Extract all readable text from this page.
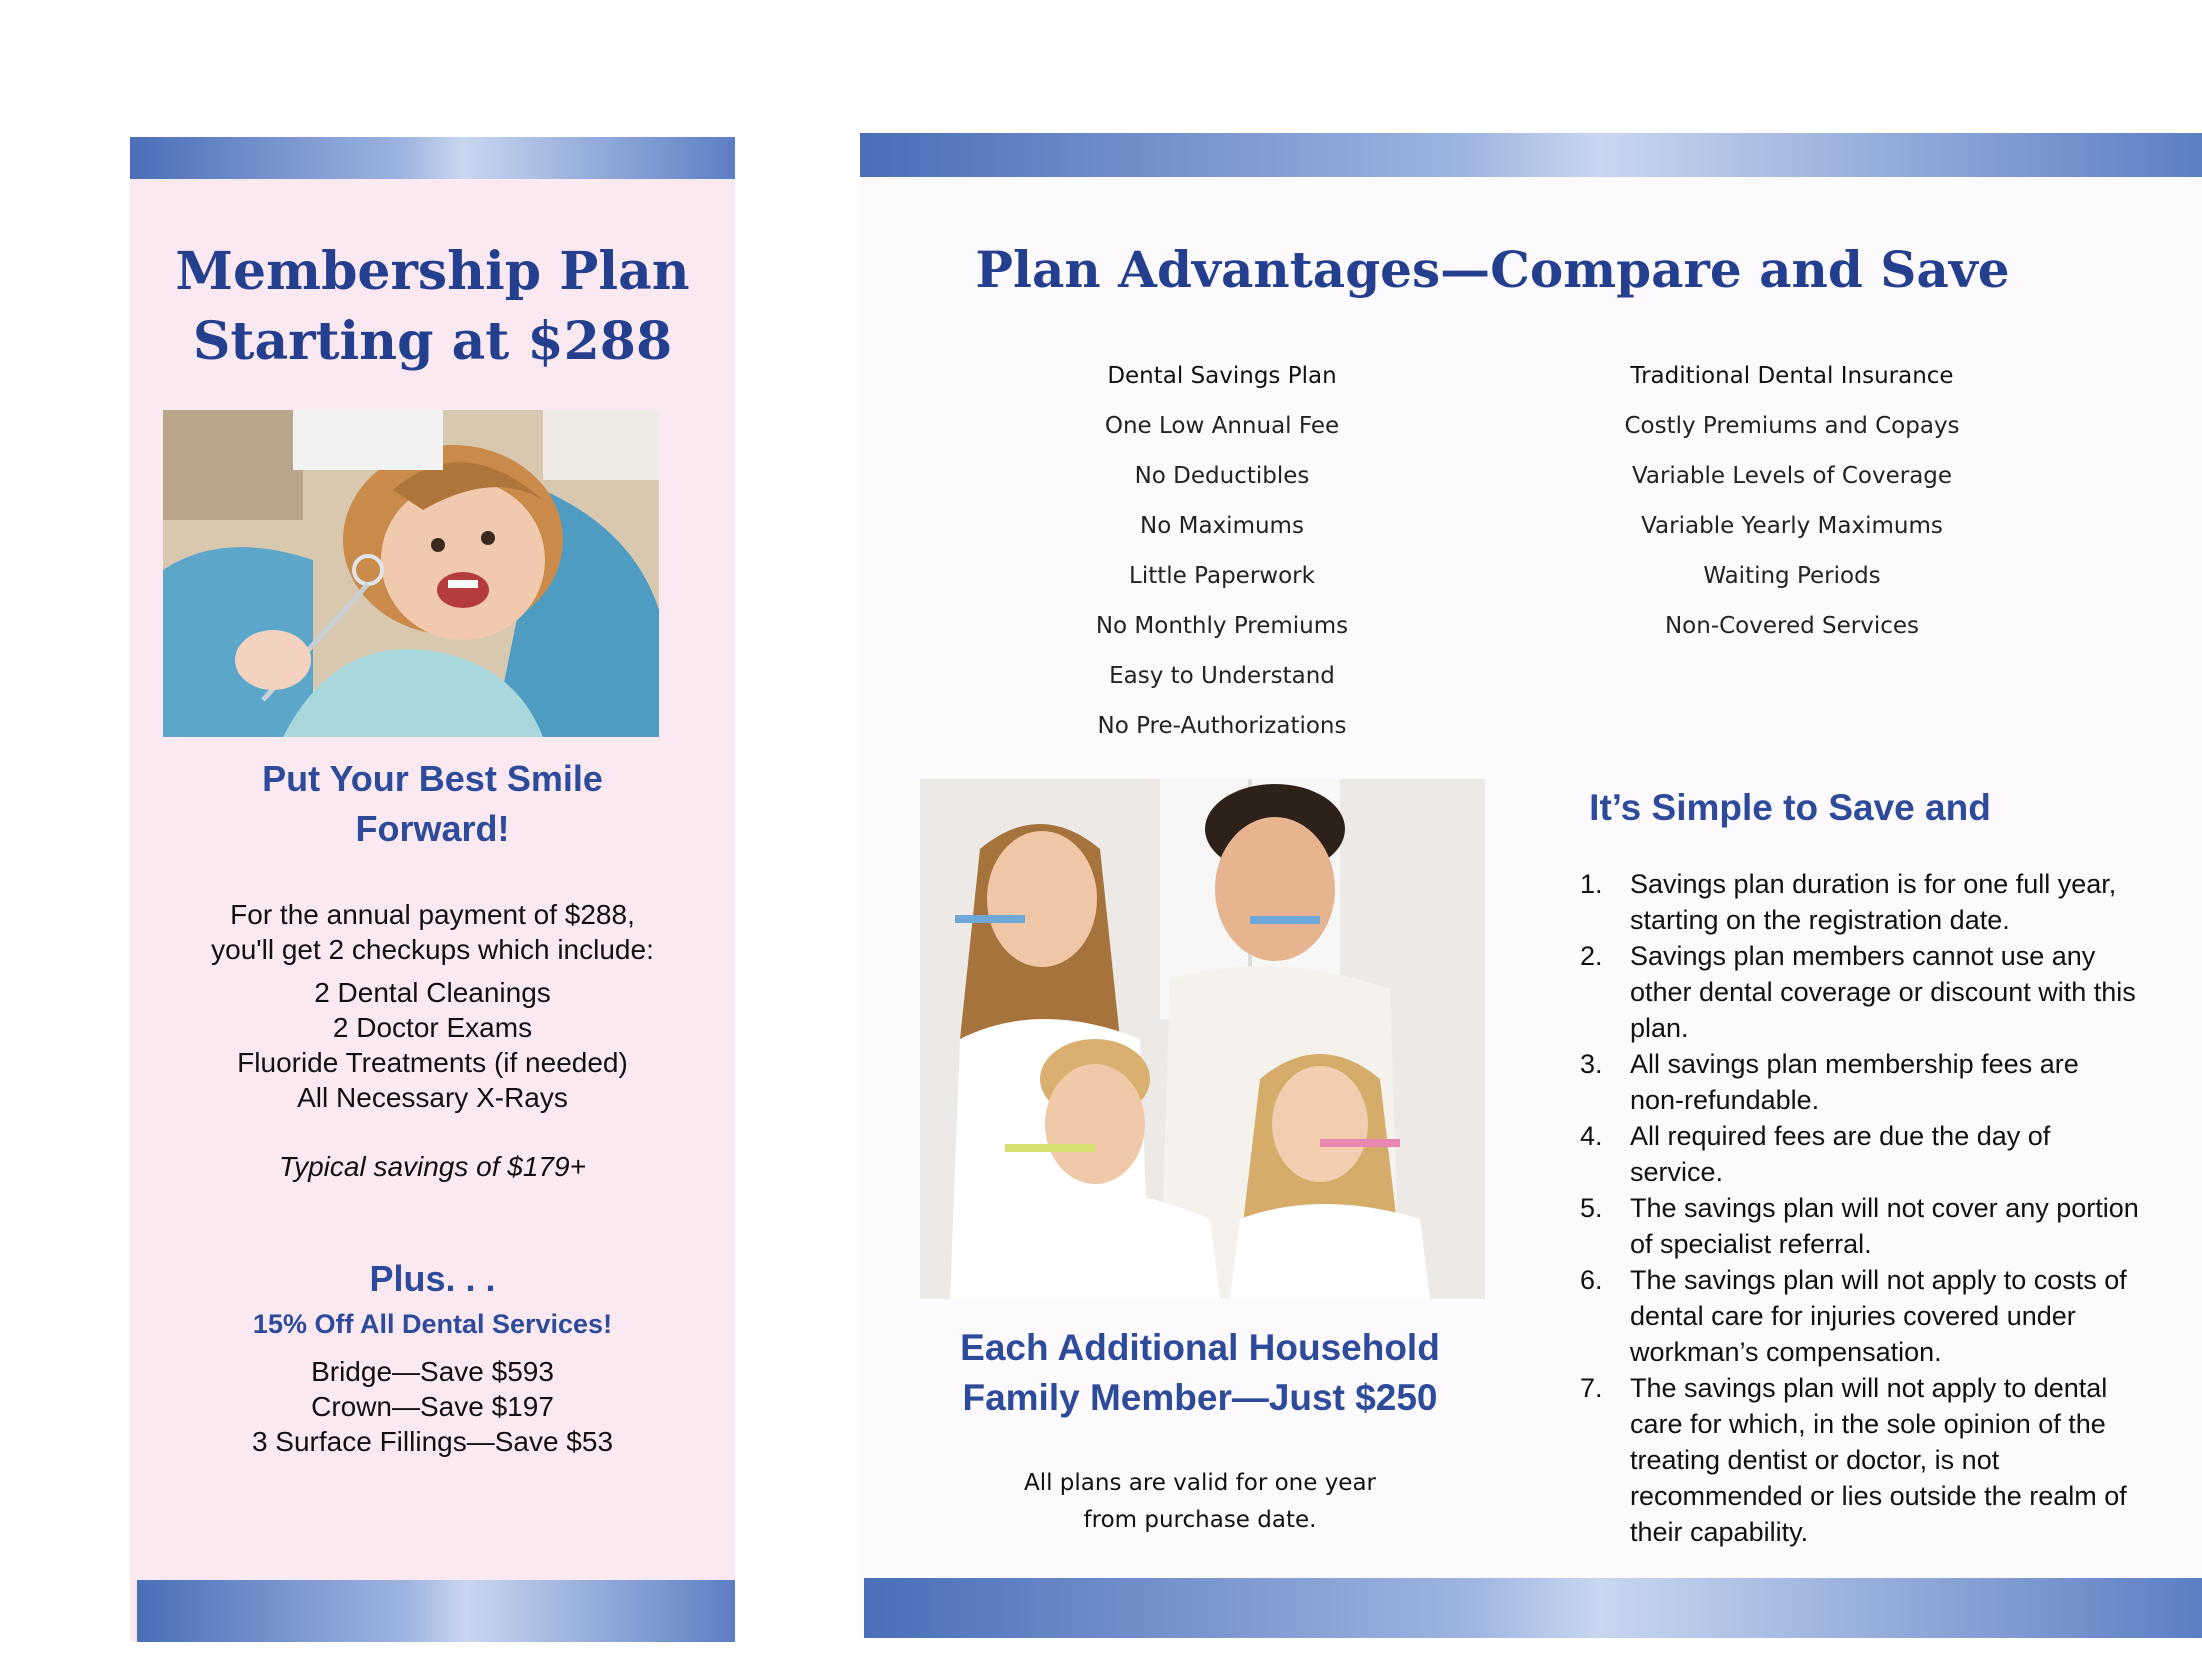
Membership Plan
Starting at $288
Put Your Best Smile
Forward!
For the annual payment of $288,
you'll get 2 checkups which include:
2 Dental Cleanings
2 Doctor Exams
Fluoride Treatments (if needed)
All Necessary X-Rays
Typical savings of $179+
Plus. . .
15% Off All Dental Services!
Bridge—Save $593
Crown—Save $197
3 Surface Fillings—Save $53
Plan Advantages—Compare and Save
Dental Savings Plan
One Low Annual Fee
No Deductibles
No Maximums
Little Paperwork
No Monthly Premiums
Easy to Understand
No Pre-Authorizations
Traditional Dental Insurance
Costly Premiums and Copays
Variable Levels of Coverage
Variable Yearly Maximums
Waiting Periods
Non-Covered Services
Each Additional Household
Family Member—Just $250
All plans are valid for one year
from purchase date.
It’s Simple to Save and
1. Savings plan duration is for one full year, starting on the registration date.
2. Savings plan members cannot use any other dental coverage or discount with this plan.
3. All savings plan membership fees are non-refundable.
4. All required fees are due the day of service.
5. The savings plan will not cover any portion of specialist referral.
6. The savings plan will not apply to costs of dental care for injuries covered under workman’s compensation.
7. The savings plan will not apply to dental care for which, in the sole opinion of the treating dentist or doctor, is not recommended or lies outside the realm of their capability.
